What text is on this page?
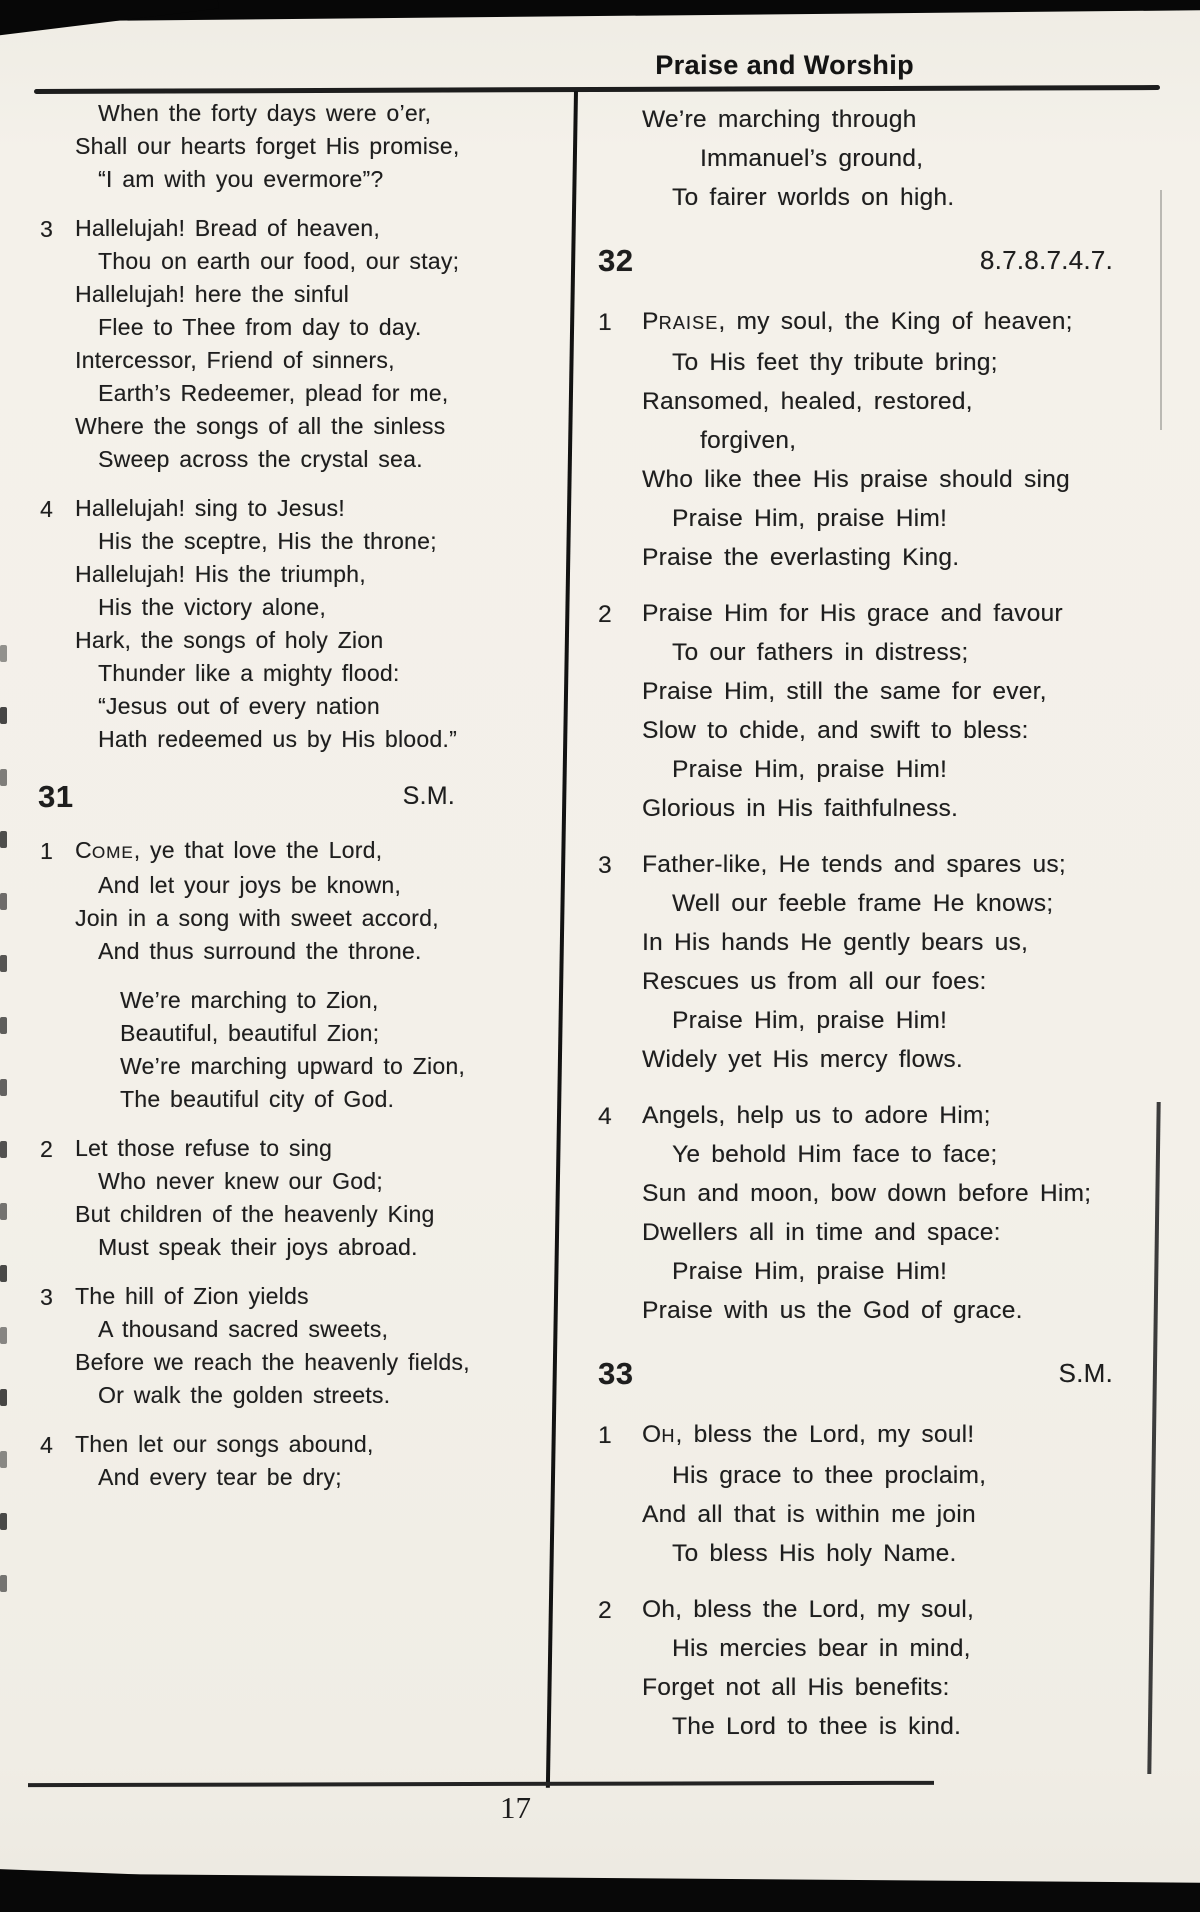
Praise and Worship
When the forty days were o’er,
Shall our hearts forget His promise,
“I am with you evermore”?
3 Hallelujah! Bread of heaven,
Thou on earth our food, our stay;
Hallelujah! here the sinful
Flee to Thee from day to day.
Intercessor, Friend of sinners,
Earth’s Redeemer, plead for me,
Where the songs of all the sinless
Sweep across the crystal sea.
4 Hallelujah! sing to Jesus!
His the sceptre, His the throne;
Hallelujah! His the triumph,
His the victory alone,
Hark, the songs of holy Zion
Thunder like a mighty flood:
“Jesus out of every nation
Hath redeemed us by His blood.”
31	S.M.
1 COME, ye that love the Lord,
And let your joys be known,
Join in a song with sweet accord,
And thus surround the throne.
We’re marching to Zion,
Beautiful, beautiful Zion;
We’re marching upward to Zion,
The beautiful city of God.
2 Let those refuse to sing
Who never knew our God;
But children of the heavenly King
Must speak their joys abroad.
3 The hill of Zion yields
A thousand sacred sweets,
Before we reach the heavenly fields,
Or walk the golden streets.
4 Then let our songs abound,
And every tear be dry;
We’re marching through
Immanuel’s ground,
To fairer worlds on high.
32	8.7.8.7.4.7.
1 PRAISE, my soul, the King of heaven;
To His feet thy tribute bring;
Ransomed, healed, restored,
forgiven,
Who like thee His praise should sing
Praise Him, praise Him!
Praise the everlasting King.
2 Praise Him for His grace and favour
To our fathers in distress;
Praise Him, still the same for ever,
Slow to chide, and swift to bless:
Praise Him, praise Him!
Glorious in His faithfulness.
3 Father-like, He tends and spares us;
Well our feeble frame He knows;
In His hands He gently bears us,
Rescues us from all our foes:
Praise Him, praise Him!
Widely yet His mercy flows.
4 Angels, help us to adore Him;
Ye behold Him face to face;
Sun and moon, bow down before Him;
Dwellers all in time and space:
Praise Him, praise Him!
Praise with us the God of grace.
33	S.M.
1 OH, bless the Lord, my soul!
His grace to thee proclaim,
And all that is within me join
To bless His holy Name.
2 Oh, bless the Lord, my soul,
His mercies bear in mind,
Forget not all His benefits:
The Lord to thee is kind.
17
